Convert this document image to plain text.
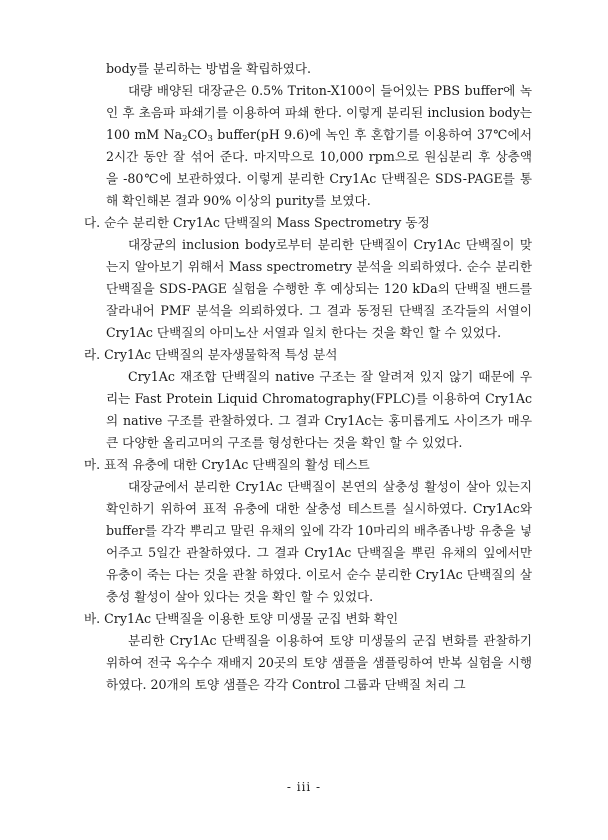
body를 분리하는 방법을 확립하였다.

대량 배양된 대장균은 0.5% Triton-X100이 들어있는 PBS buffer에 녹인 후 초음파 파쇄기를 이용하여 파쇄 한다. 이렇게 분리된 inclusion body는 100 mM $Na_2CO_3$ buffer(pH 9.6)에 녹인 후 혼합기를 이용하여 37℃에서 2시간 동안 잘 섞어 준다. 마지막으로 10,000 rpm으로 원심분리 후 상층액을 -80℃에 보관하였다. 이렇게 분리한 Cry1Ac 단백질은 SDS-PAGE를 통해 확인해본 결과 90% 이상의 purity를 보였다.

다. 순수 분리한 Cry1Ac 단백질의 Mass Spectrometry 동정

대장균의 inclusion body로부터 분리한 단백질이 Cry1Ac 단백질이 맞는지 알아보기 위해서 Mass spectrometry 분석을 의뢰하였다. 순수 분리한 단백질을 SDS-PAGE 실험을 수행한 후 예상되는 120 kDa의 단백질 밴드를 잘라내어 PMF 분석을 의뢰하였다. 그 결과 동정된 단백질 조각들의 서열이 Cry1Ac 단백질의 아미노산 서열과 일치 한다는 것을 확인 할 수 있었다.

라. Cry1Ac 단백질의 분자생물학적 특성 분석

Cry1Ac 재조합 단백질의 native 구조는 잘 알려져 있지 않기 때문에 우리는 Fast Protein Liquid Chromatography(FPLC)를 이용하여 Cry1Ac의 native 구조를 관찰하였다. 그 결과 Cry1Ac는 홍미롭게도 사이즈가 매우 큰 다양한 올리고머의 구조를 형성한다는 것을 확인 할 수 있었다.

마. 표적 유충에 대한 Cry1Ac 단백질의 활성 테스트

대장균에서 분리한 Cry1Ac 단백질이 본연의 살충성 활성이 살아 있는지 확인하기 위하여 표적 유충에 대한 살충성 테스트를 실시하였다. Cry1Ac와 buffer를 각각 뿌리고 말린 유채의 잎에 각각 10마리의 배추좀나방 유충을 넣어주고 5일간 관찰하였다. 그 결과 Cry1Ac 단백질을 뿌린 유채의 잎에서만 유충이 죽는 다는 것을 관찰 하였다. 이로서 순수 분리한 Cry1Ac 단백질의 살충성 활성이 살아 있다는 것을 확인 할 수 있었다.

바. Cry1Ac 단백질을 이용한 토양 미생물 군집 변화 확인

분리한 Cry1Ac 단백질을 이용하여 토양 미생물의 군집 변화를 관찰하기 위하여 전국 옥수수 재배지 20곳의 토양 샘플을 샘플링하여 반복 실험을 시행하였다. 20개의 토양 샘플은 각각 Control 그룹과 단백질 처리 그

- iii -
